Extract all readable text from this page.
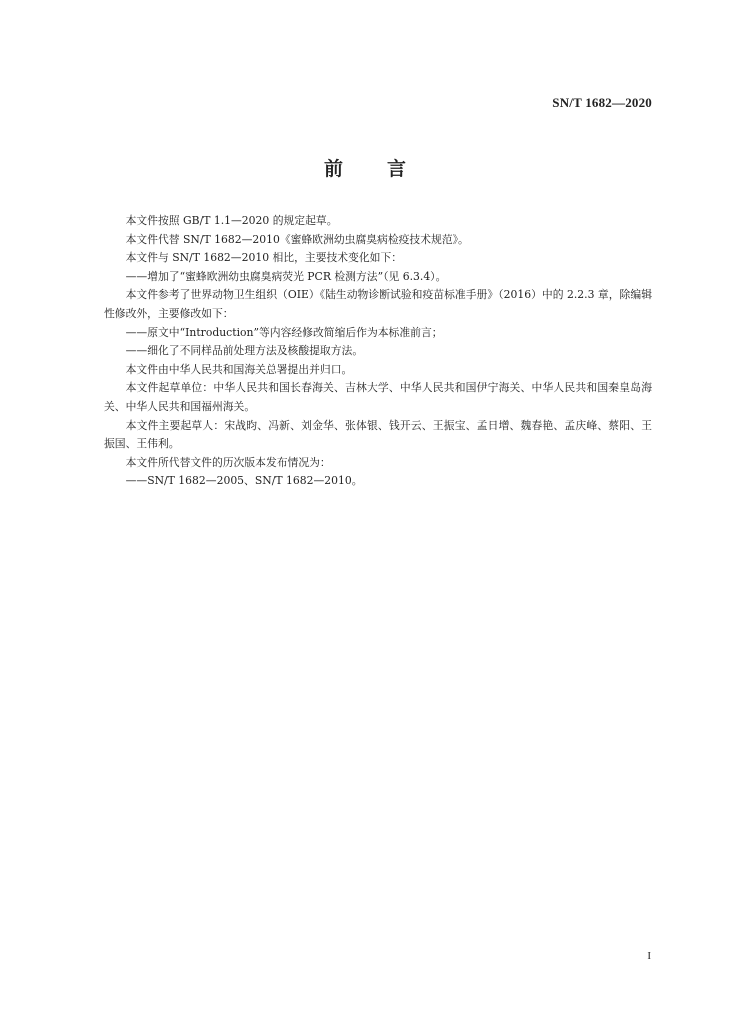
SN/T 1682—2020
前 言

本文件按照 GB/T 1.1—2020 的规定起草。

本文件代替 SN/T 1682—2010《蜜蜂欧洲幼虫腐臭病检疫技术规范》。

本文件与 SN/T 1682—2010 相比，主要技术变化如下：

——增加了“蜜蜂欧洲幼虫腐臭病荧光 PCR 检测方法”（见 6.3.4）。

本文件参考了世界动物卫生组织（OIE）《陆生动物诊断试验和疫苗标准手册》（2016）中的 2.2.3 章，除编辑性修改外，主要修改如下：

——原文中“Introduction”等内容经修改简缩后作为本标准前言；

——细化了不同样品前处理方法及核酸提取方法。

本文件由中华人民共和国海关总署提出并归口。

本文件起草单位：中华人民共和国长春海关、吉林大学、中华人民共和国伊宁海关、中华人民共和国秦皇岛海关、中华人民共和国福州海关。

本文件主要起草人：宋战昀、冯新、刘金华、张体银、钱开云、王振宝、孟日增、魏春艳、孟庆峰、蔡阳、王振国、王伟利。

本文件所代替文件的历次版本发布情况为：

——SN/T 1682—2005、SN/T 1682—2010。

I
